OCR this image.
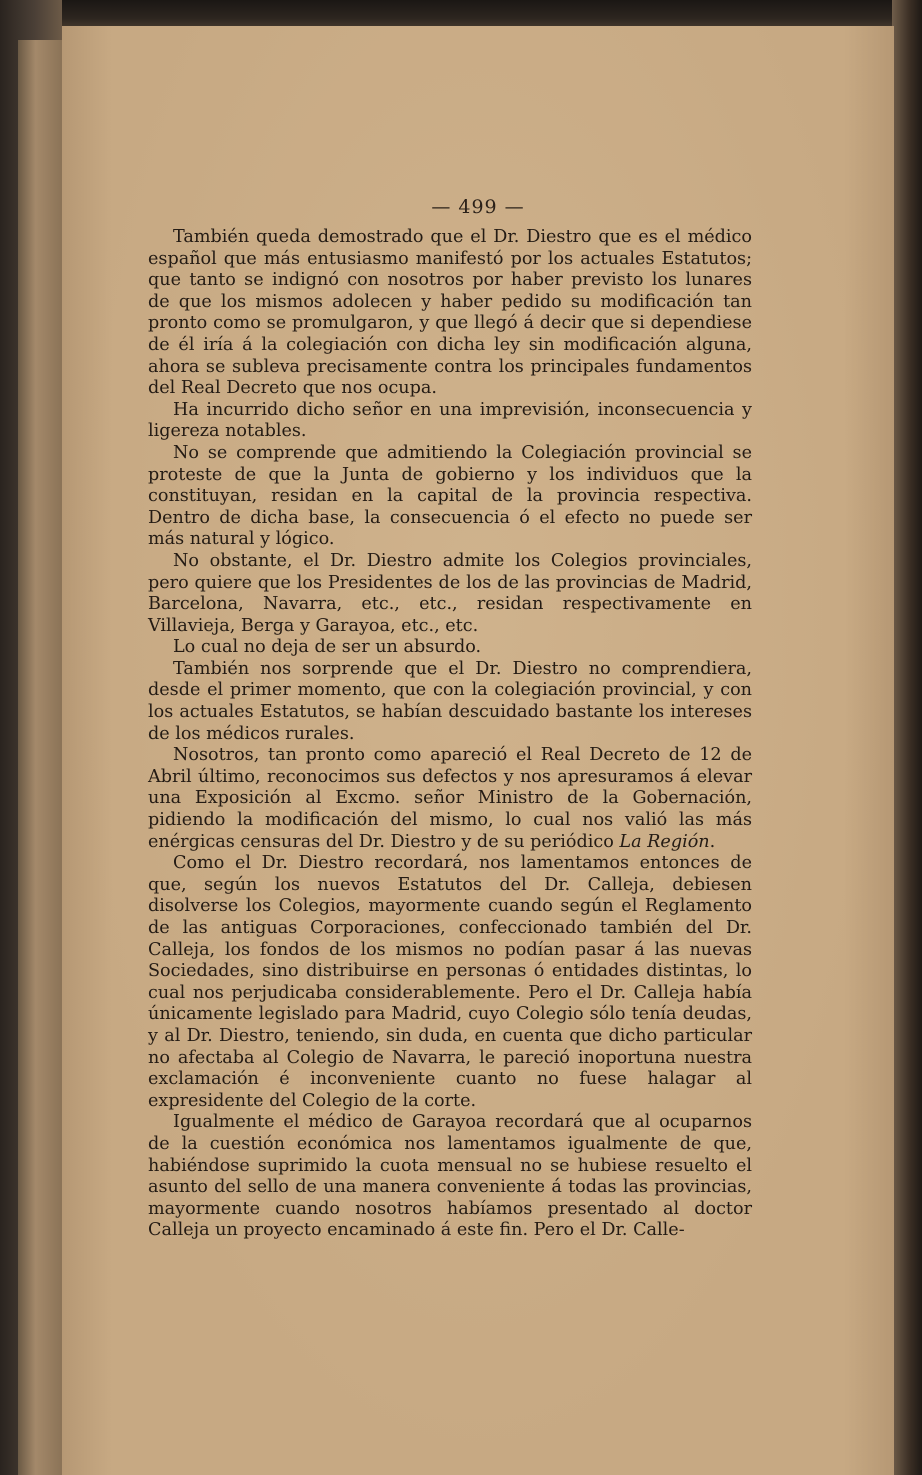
— 499 —

También queda demostrado que el Dr. Diestro que es el médico español que más entusiasmo manifestó por los actuales Estatutos; que tanto se indignó con nosotros por haber previsto los lunares de que los mismos adolecen y haber pedido su modificación tan pronto como se promulgaron, y que llegó á decir que si dependiese de él iría á la colegiación con dicha ley sin modificación alguna, ahora se subleva precisamente contra los principales fundamentos del Real Decreto que nos ocupa.

Ha incurrido dicho señor en una imprevisión, inconsecuencia y ligereza notables.

No se comprende que admitiendo la Colegiación provincial se proteste de que la Junta de gobierno y los individuos que la constituyan, residan en la capital de la provincia respectiva. Dentro de dicha base, la consecuencia ó el efecto no puede ser más natural y lógico.

No obstante, el Dr. Diestro admite los Colegios provinciales, pero quiere que los Presidentes de los de las provincias de Madrid, Barcelona, Navarra, etc., etc., residan respectivamente en Villavieja, Berga y Garayoa, etc., etc.

Lo cual no deja de ser un absurdo.

También nos sorprende que el Dr. Diestro no comprendiera, desde el primer momento, que con la colegiación provincial, y con los actuales Estatutos, se habían descuidado bastante los intereses de los médicos rurales.

Nosotros, tan pronto como apareció el Real Decreto de 12 de Abril último, reconocimos sus defectos y nos apresuramos á elevar una Exposición al Excmo. señor Ministro de la Gobernación, pidiendo la modificación del mismo, lo cual nos valió las más enérgicas censuras del Dr. Diestro y de su periódico La Región.

Como el Dr. Diestro recordará, nos lamentamos entonces de que, según los nuevos Estatutos del Dr. Calleja, debiesen disolverse los Colegios, mayormente cuando según el Reglamento de las antiguas Corporaciones, confeccionado también del Dr. Calleja, los fondos de los mismos no podían pasar á las nuevas Sociedades, sino distribuirse en personas ó entidades distintas, lo cual nos perjudicaba considerablemente. Pero el Dr. Calleja había únicamente legislado para Madrid, cuyo Colegio sólo tenía deudas, y al Dr. Diestro, teniendo, sin duda, en cuenta que dicho particular no afectaba al Colegio de Navarra, le pareció inoportuna nuestra exclamación é inconveniente cuanto no fuese halagar al expresidente del Colegio de la corte.

Igualmente el médico de Garayoa recordará que al ocuparnos de la cuestión económica nos lamentamos igualmente de que, habiéndose suprimido la cuota mensual no se hubiese resuelto el asunto del sello de una manera conveniente á todas las provincias, mayormente cuando nosotros habíamos presentado al doctor Calleja un proyecto encaminado á este fin. Pero el Dr. Calle-
